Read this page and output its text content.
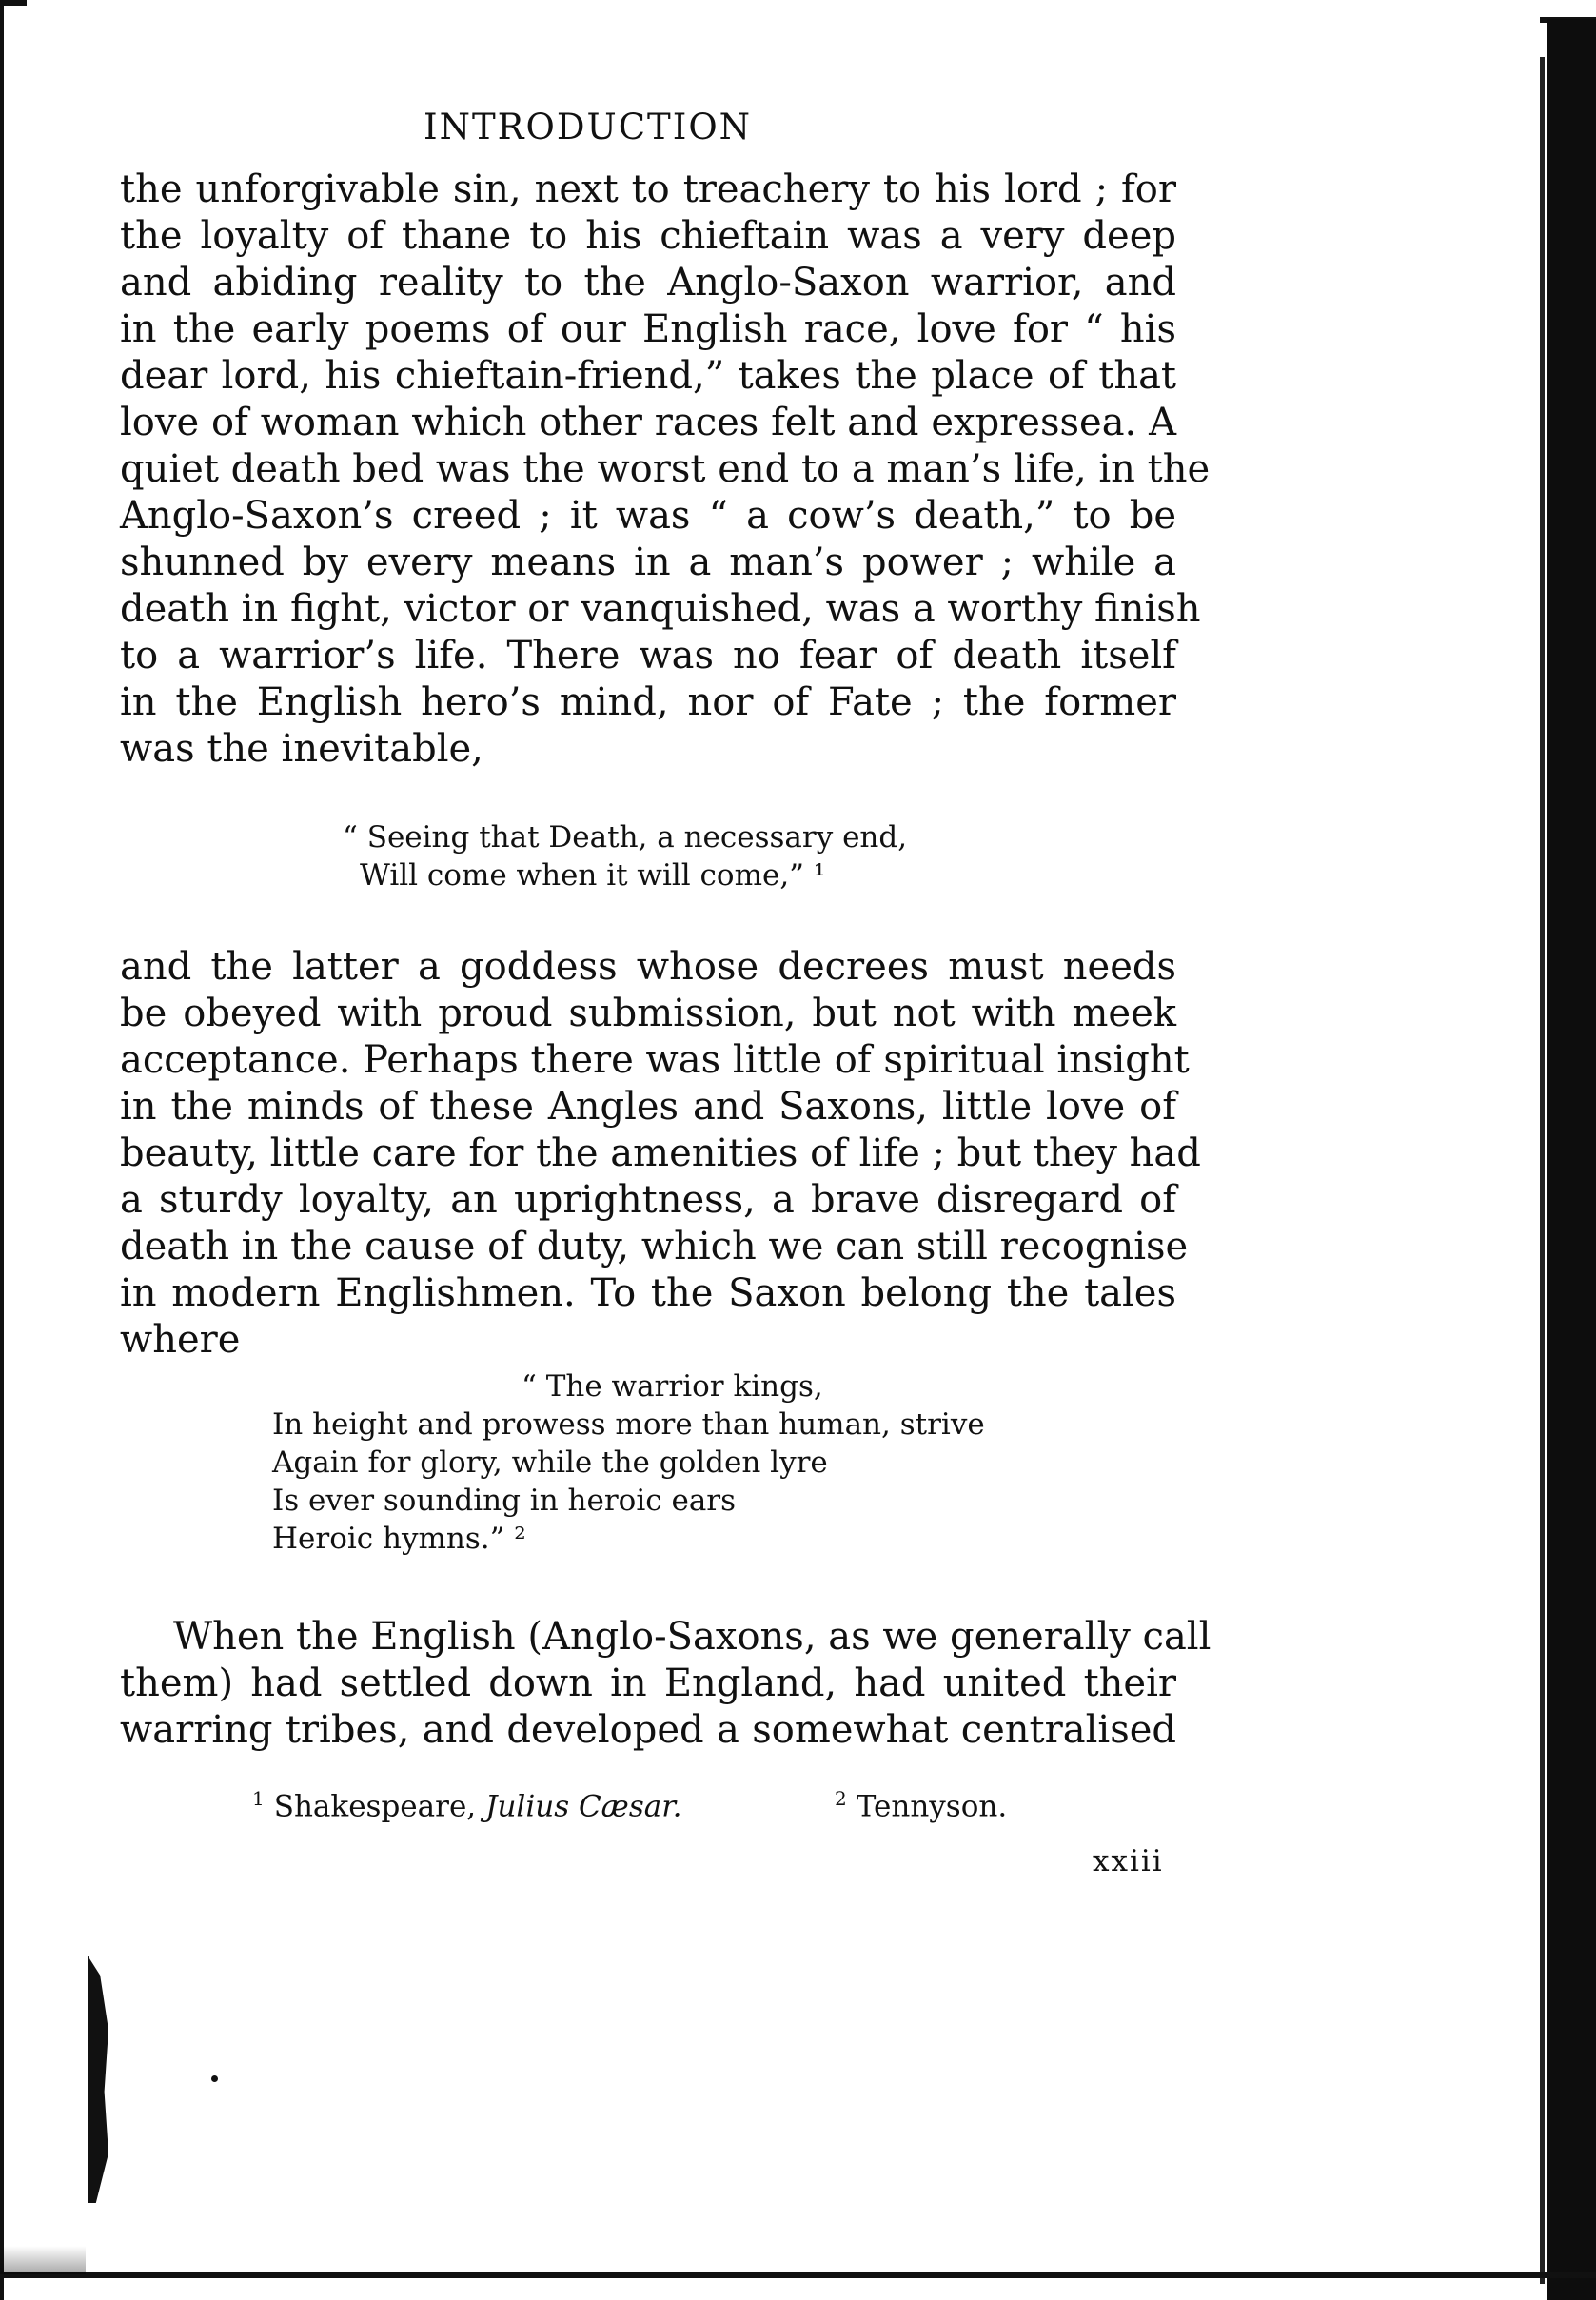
INTRODUCTION
the unforgivable sin, next to treachery to his lord ; for
the loyalty of thane to his chieftain was a very deep
and abiding reality to the Anglo-Saxon warrior, and
in the early poems of our English race, love for “ his
dear lord, his chieftain-friend,” takes the place of that
love of woman which other races felt and expressea. A
quiet death bed was the worst end to a man’s life, in the
Anglo-Saxon’s creed ; it was “ a cow’s death,” to be
shunned by every means in a man’s power ; while a
death in fight, victor or vanquished, was a worthy finish
to a warrior’s life. There was no fear of death itself
in the English hero’s mind, nor of Fate ; the former
was the inevitable,
“ Seeing that Death, a necessary end,
Will come when it will come,” ¹
and the latter a goddess whose decrees must needs
be obeyed with proud submission, but not with meek
acceptance. Perhaps there was little of spiritual insight
in the minds of these Angles and Saxons, little love of
beauty, little care for the amenities of life ; but they had
a sturdy loyalty, an uprightness, a brave disregard of
death in the cause of duty, which we can still recognise
in modern Englishmen. To the Saxon belong the tales
where
“ The warrior kings,
In height and prowess more than human, strive
Again for glory, while the golden lyre
Is ever sounding in heroic ears
Heroic hymns.” ²
When the English (Anglo-Saxons, as we generally call
them) had settled down in England, had united their
warring tribes, and developed a somewhat centralised
$^1$ Shakespeare, Julius Cæsar.	$^2$ Tennyson.
xxiii
